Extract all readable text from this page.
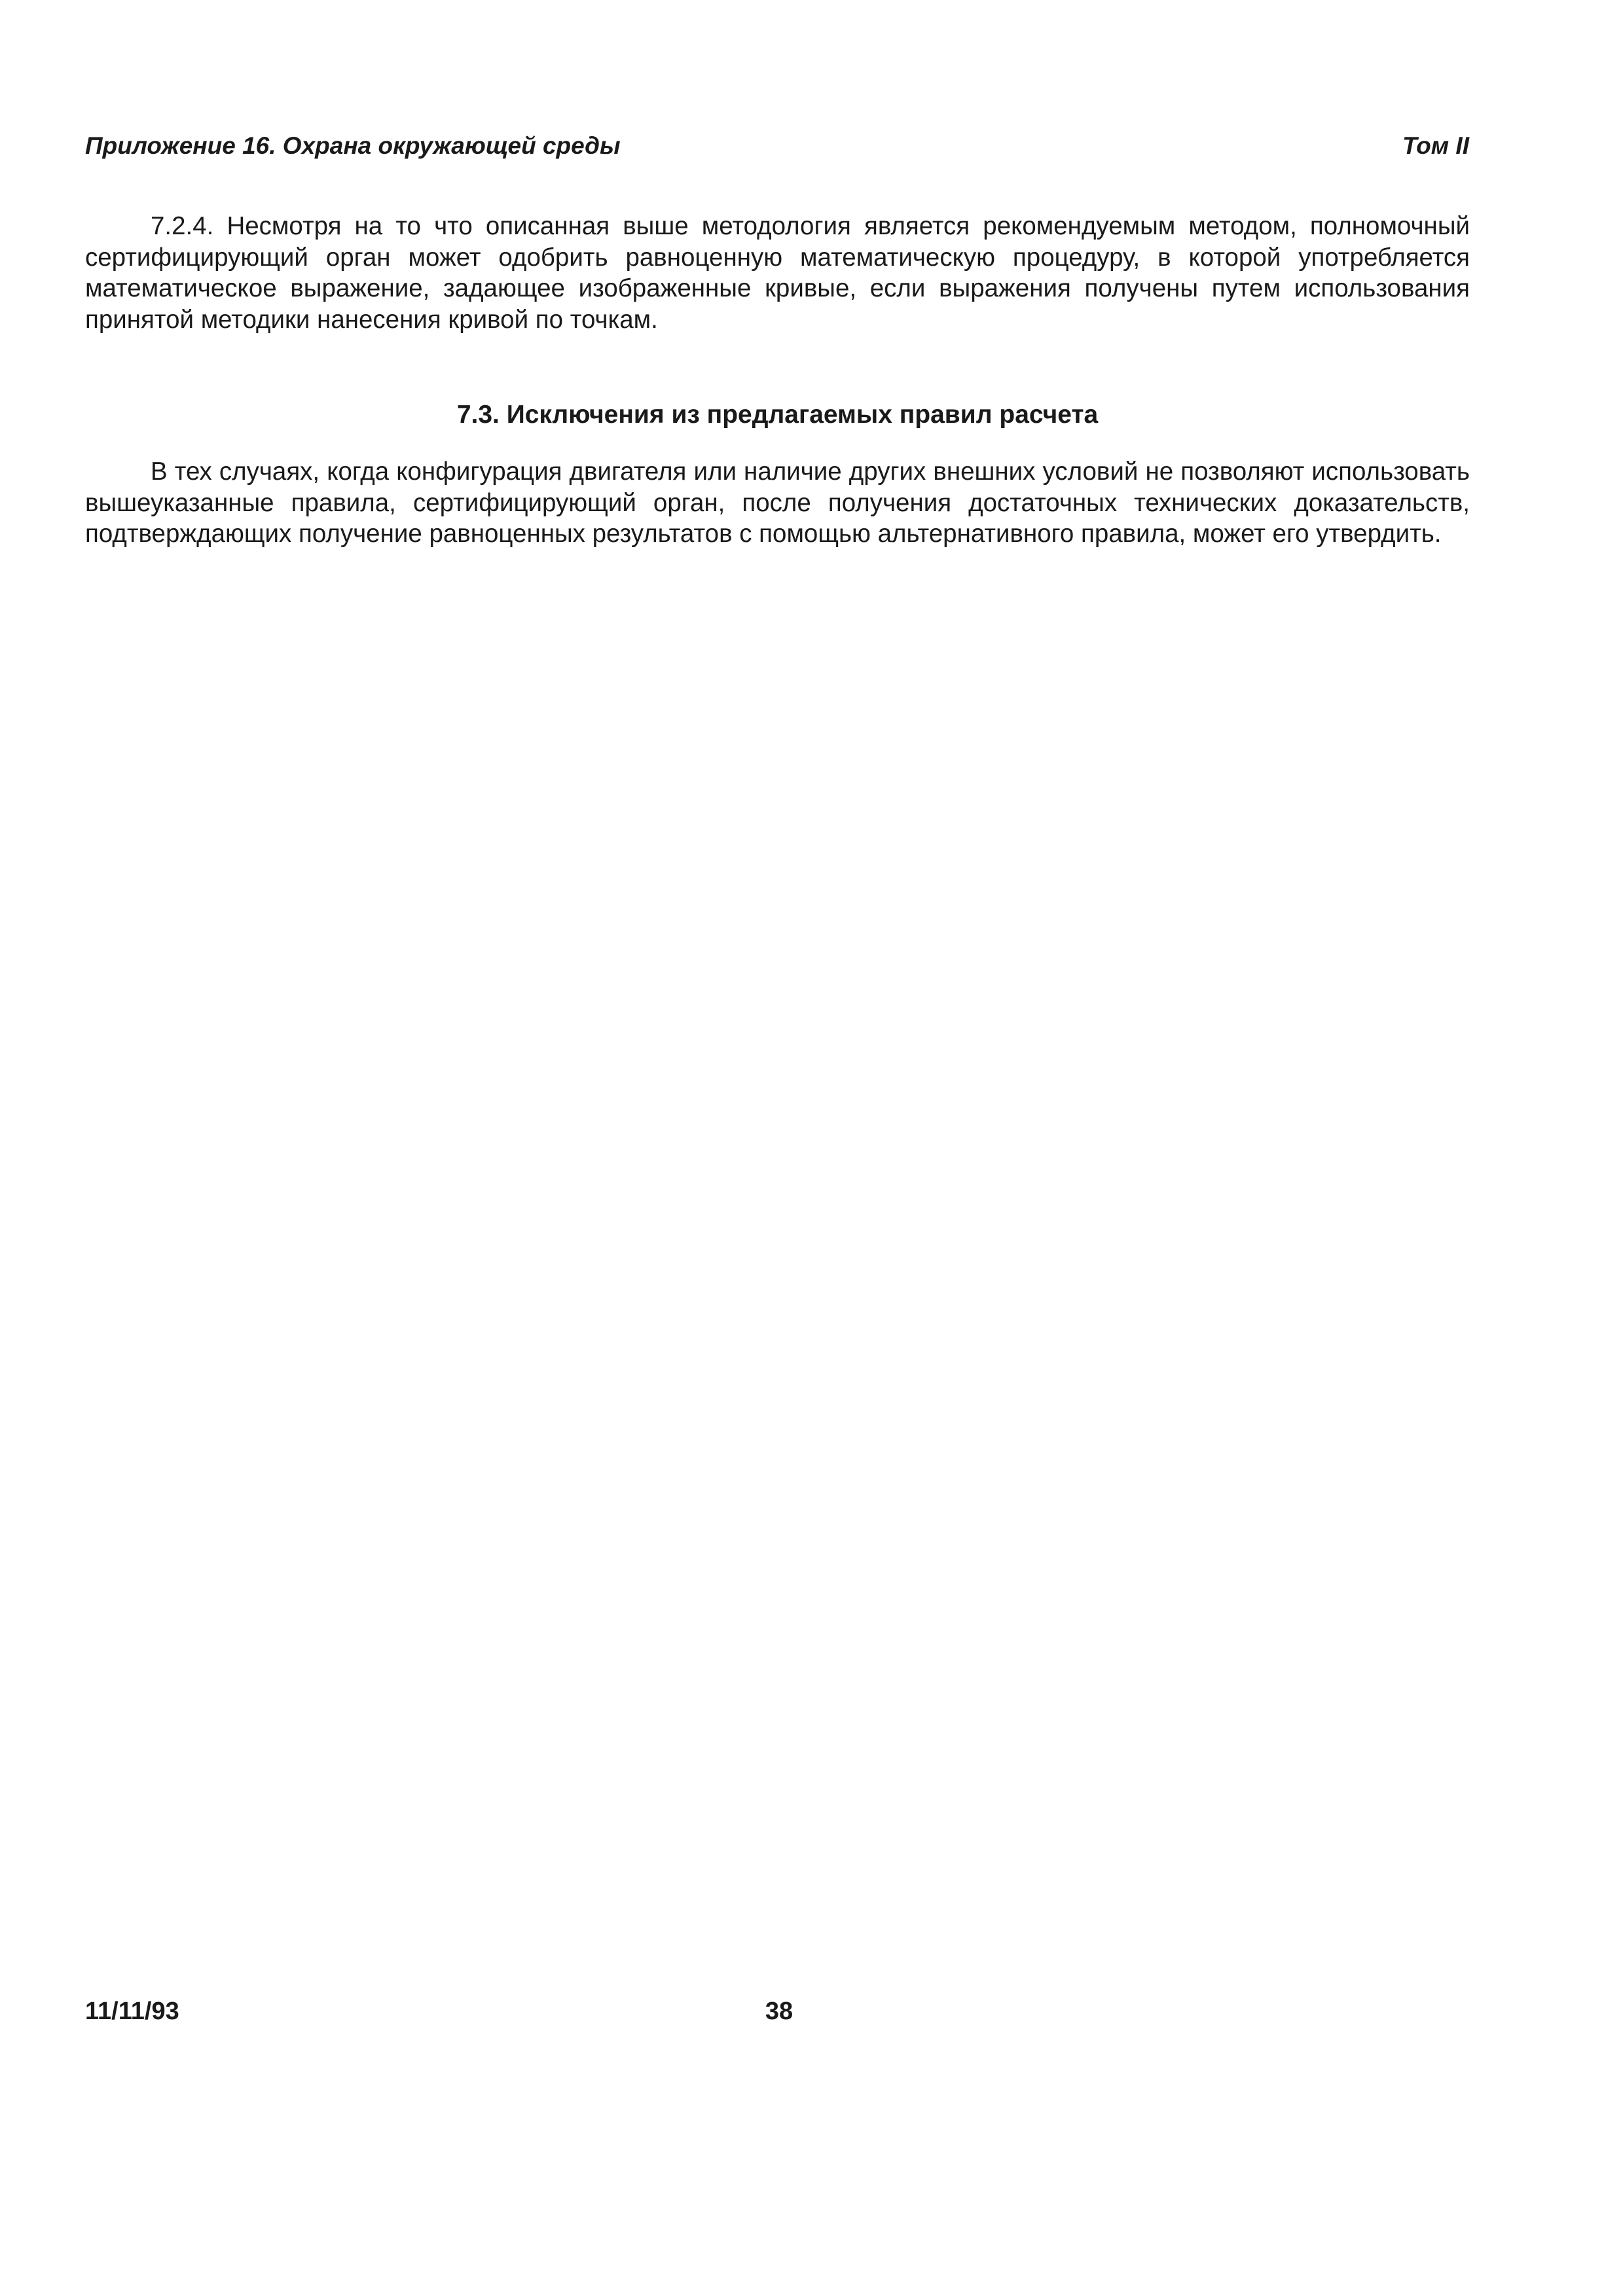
Приложение 16. Охрана окружающей среды	Том II

7.2.4. Несмотря на то что описанная выше методология является рекомендуемым методом, полномочный сертифицирующий орган может одобрить равноценную математическую процедуру, в которой употребляется математическое выражение, задающее изображенные кривые, если выражения получены путем использования принятой методики нанесения кривой по точкам.

7.3. Исключения из предлагаемых правил расчета

В тех случаях, когда конфигурация двигателя или наличие других внешних условий не позволяют использовать вышеуказанные правила, сертифицирующий орган, после получения достаточных технических доказательств, подтверждающих получение равноценных результатов с помощью альтернативного правила, может его утвердить.

11/11/93	38
